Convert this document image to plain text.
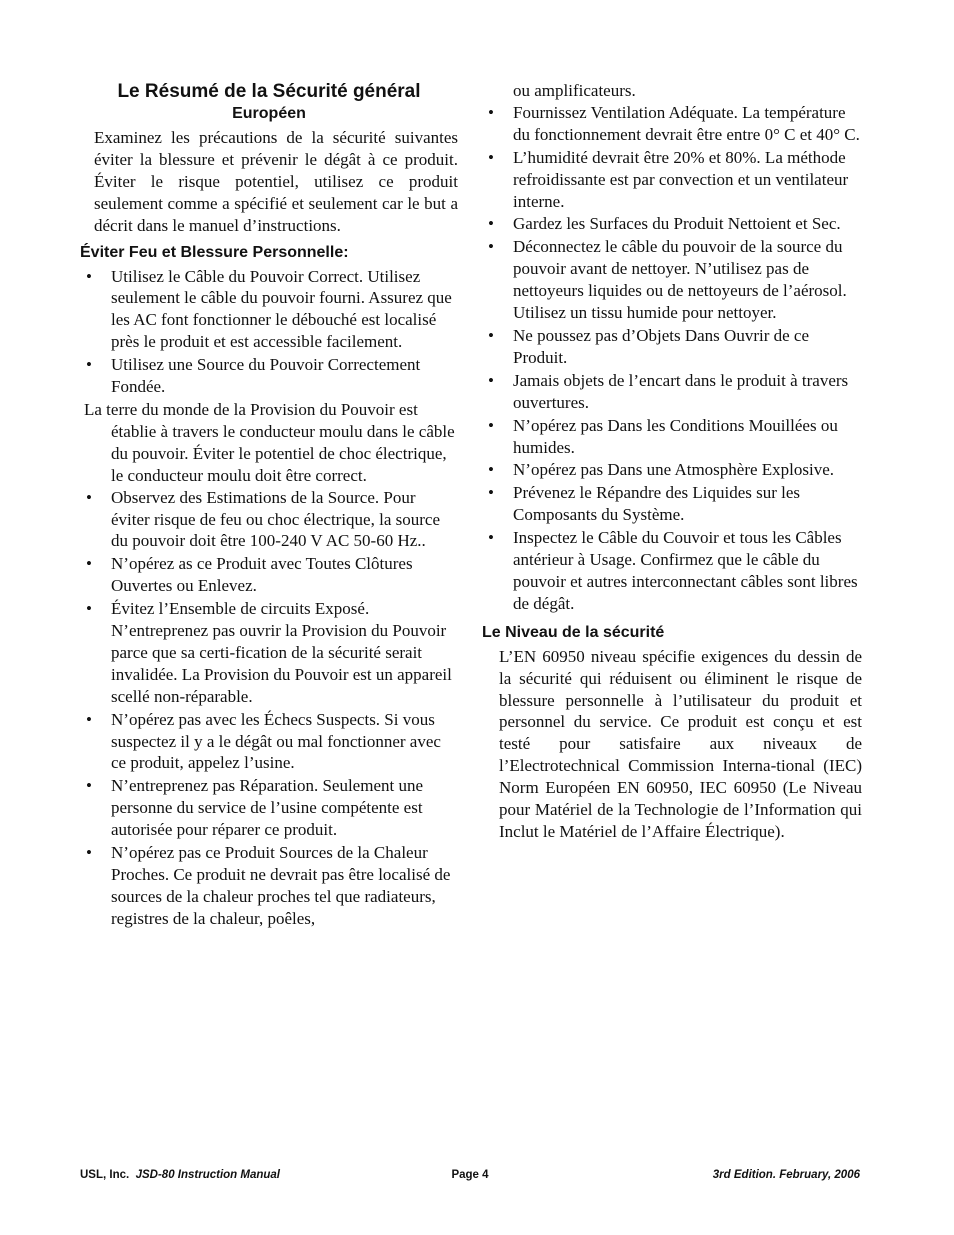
Le Résumé de la Sécurité général
Européen

Examinez les précautions de la sécurité suivantes éviter la blessure et prévenir le dégât à ce produit. Éviter le risque potentiel, utilisez ce produit seulement comme a spécifié et seulement car le but a décrit dans le manuel d’instructions.

Éviter Feu et Blessure Personnelle:
• Utilisez le Câble du Pouvoir Correct. Utilisez seulement le câble du pouvoir fourni. Assurez que les AC font fonctionner le débouché est localisé près le produit et est accessible facilement.
• Utilisez une Source du Pouvoir Correctement Fondée.

La terre du monde de la Provision du Pouvoir est établie à travers le conducteur moulu dans le câble du pouvoir. Éviter le potentiel de choc électrique, le conducteur moulu doit être correct.

• Observez des Estimations de la Source. Pour éviter risque de feu ou choc électrique, la source du pouvoir doit être 100-240 V AC 50-60 Hz..
• N’opérez as ce Produit avec Toutes Clôtures Ouvertes ou Enlevez.
• Évitez l’Ensemble de circuits Exposé. N’entreprenez pas ouvrir la Provision du Pouvoir parce que sa certi-fication de la sécurité serait invalidée. La Provision du Pouvoir est un appareil scellé non-réparable.
• N’opérez pas avec les Échecs Suspects. Si vous suspectez il y a le dégât ou mal fonctionner avec ce produit, appelez l’usine.
• N’entreprenez pas Réparation. Seulement une personne du service de l’usine compétente est autorisée pour réparer ce produit.
• N’opérez pas ce Produit Sources de la Chaleur Proches. Ce produit ne devrait pas être localisé de sources de la chaleur proches tel que radiateurs, registres de la chaleur, poêles,

ou amplificateurs.

• Fournissez Ventilation Adéquate. La température du fonctionnement devrait être entre 0° C et 40° C.
• L’humidité devrait être 20% et 80%. La méthode refroidissante est par convection et un ventilateur interne.
• Gardez les Surfaces du Produit Nettoient et Sec.
• Déconnectez le câble du pouvoir de la source du pouvoir avant de nettoyer. N’utilisez pas de nettoyeurs liquides ou de nettoyeurs de l’aérosol. Utilisez un tissu humide pour nettoyer.
• Ne poussez pas d’Objets Dans Ouvrir de ce Produit.
• Jamais objets de l’encart dans le produit à travers ouvertures.
• N’opérez pas Dans les Conditions Mouillées ou humides.
• N’opérez pas Dans une Atmosphère Explosive.
• Prévenez le Répandre des Liquides sur les Composants du Système.
• Inspectez le Câble du Couvoir et tous les Câbles antérieur à Usage. Confirmez que le câble du pouvoir et autres interconnectant câbles sont libres de dégât.
Le Niveau de la sécurité

L’EN 60950 niveau spécifie exigences du dessin de la sécurité qui réduisent ou éliminent le risque de blessure personnelle à l’utilisateur du produit et personnel du service. Ce produit est conçu et est testé pour satisfaire aux niveaux de l’Electrotechnical Commission Interna-tional (IEC) Norm Européen EN 60950, IEC 60950 (Le Niveau pour Matériel de la Technologie de l’Information qui Inclut le Matériel de l’Affaire Électrique).

USL, Inc. JSD-80 Instruction Manual	Page 4	3rd Edition. February, 2006
